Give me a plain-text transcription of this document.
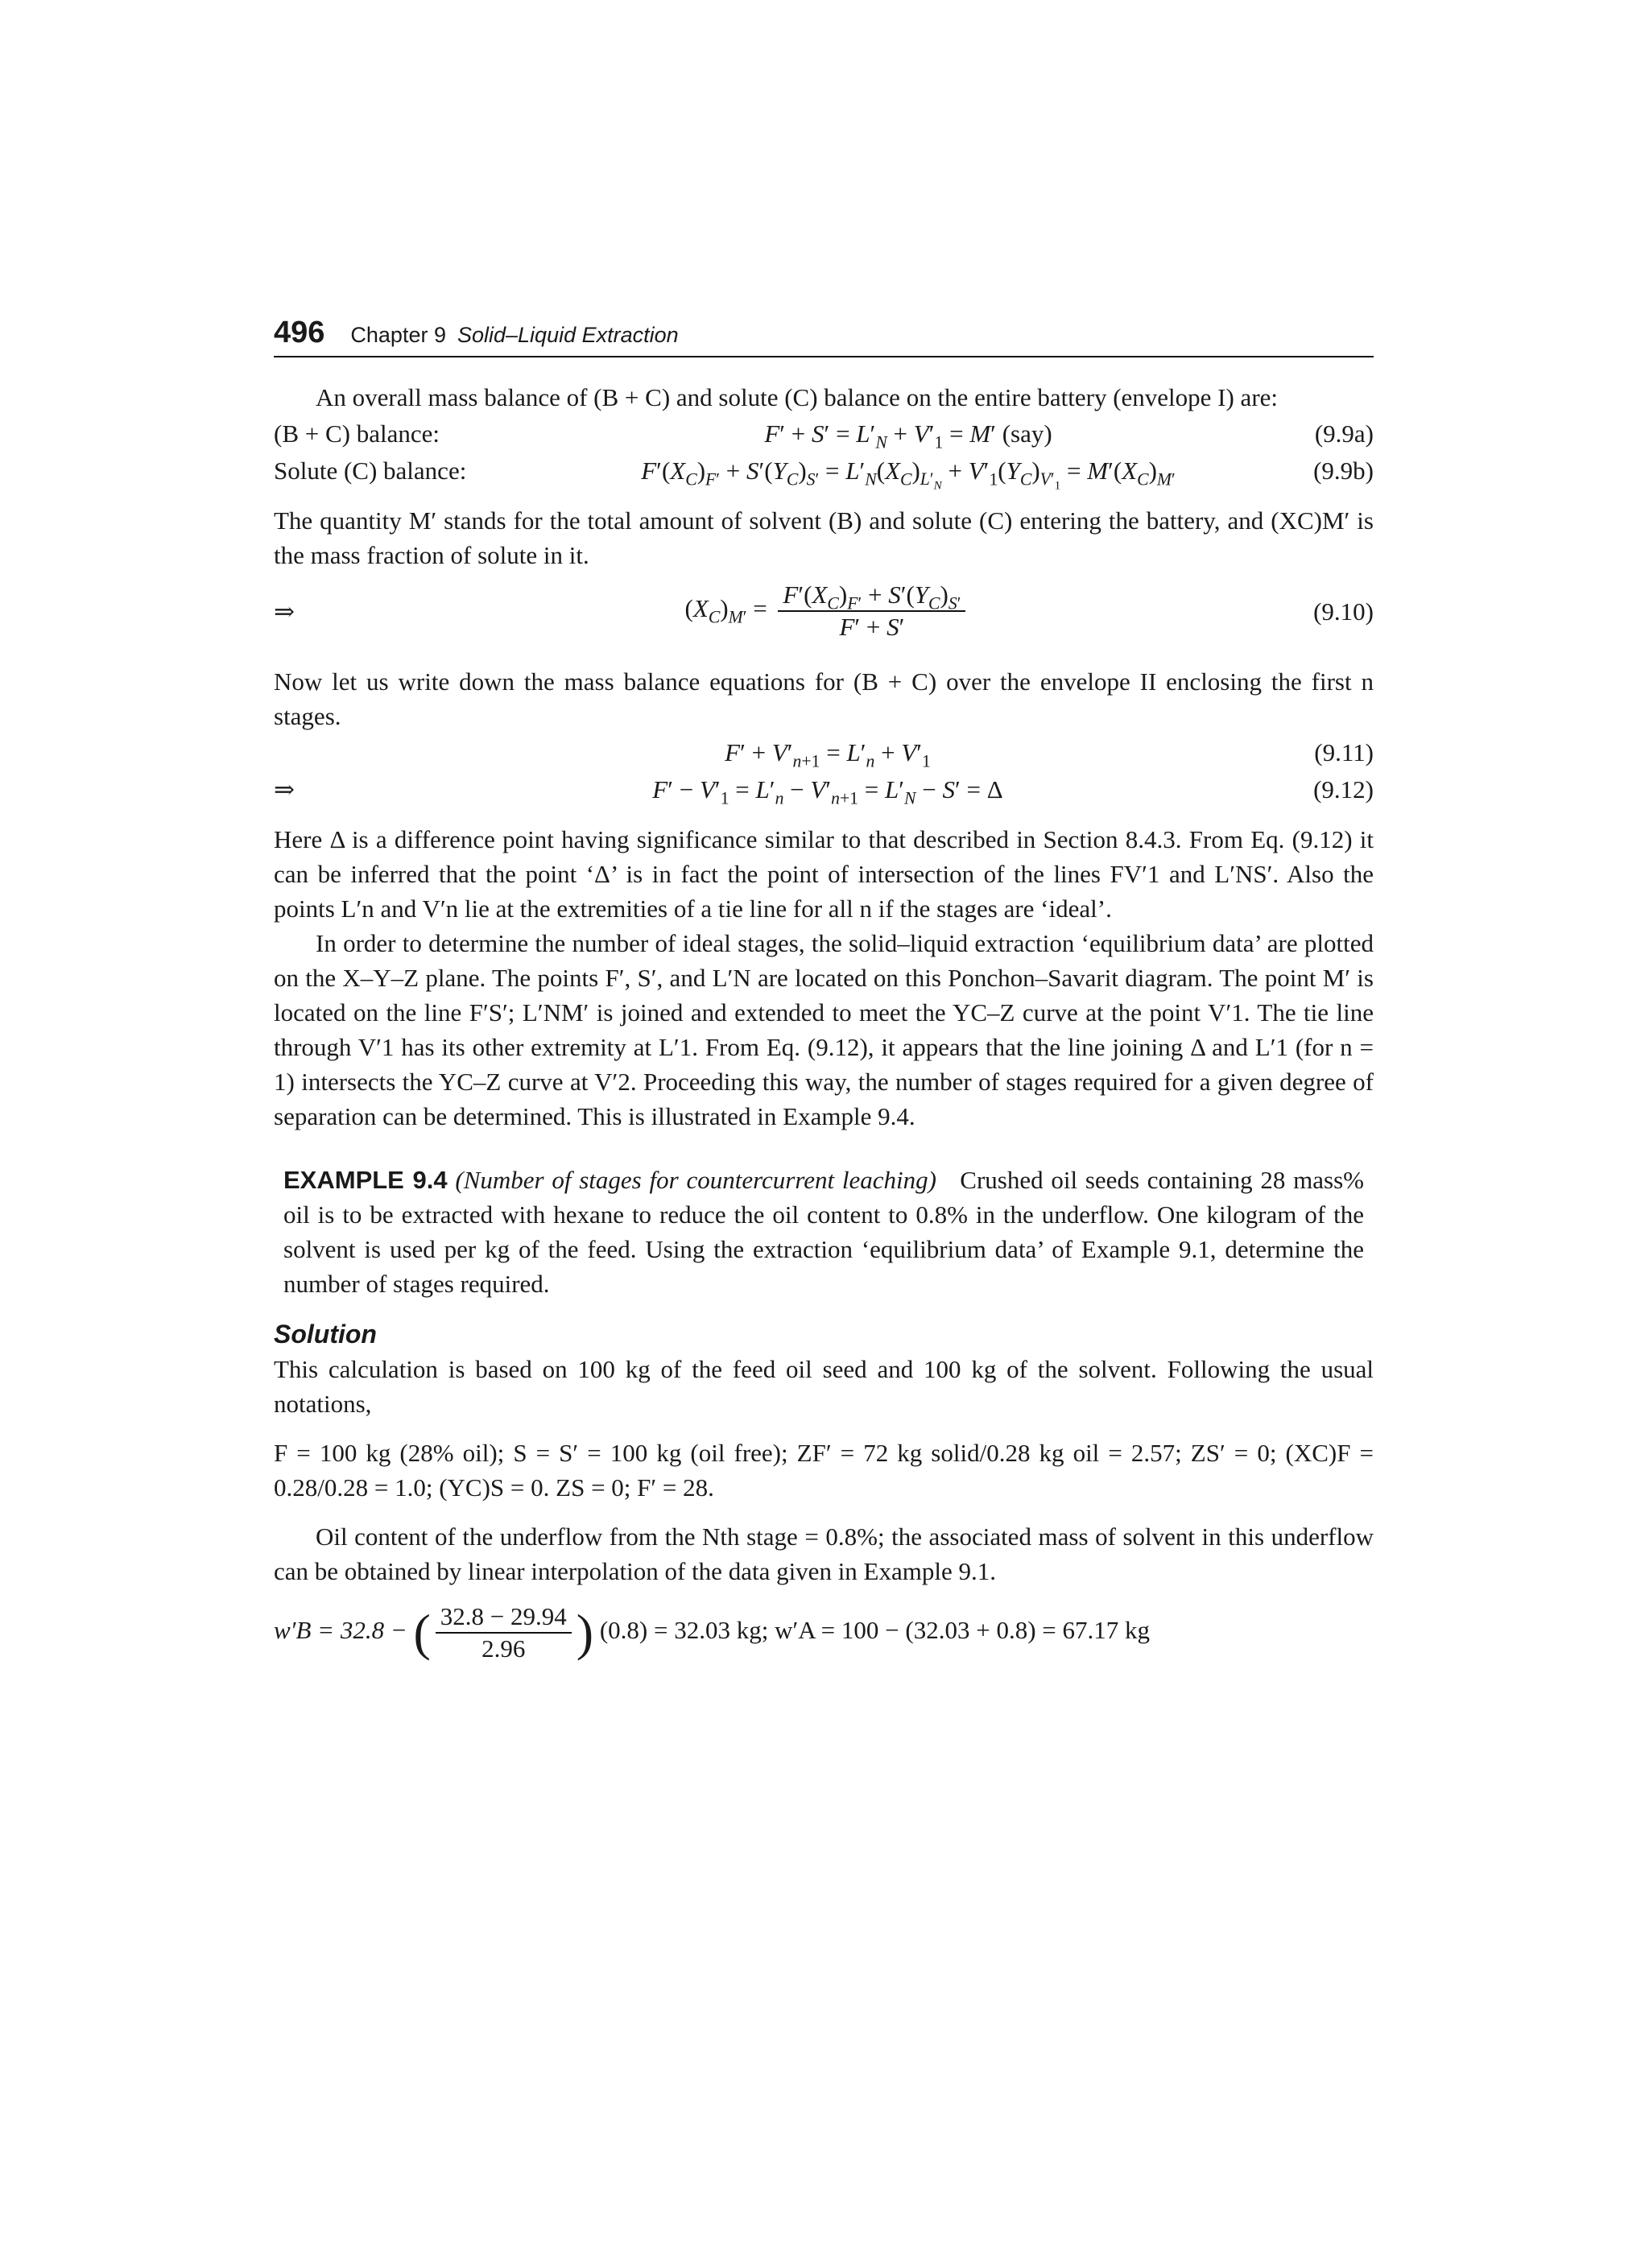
496 Chapter 9 Solid–Liquid Extraction

An overall mass balance of (B + C) and solute (C) balance on the entire battery (envelope I) are:

(B + C) balance:	$F' + S' = L'_N + V'_1 = M'$ (say)	(9.9a)
Solute (C) balance:	$F'(X_C)_{F'} + S'(Y_C)_{S'} = L'_N(X_C)_{L'_N} + V'_1(Y_C)_{V'_1} = M'(X_C)_{M'}$	(9.9b)

The quantity M′ stands for the total amount of solvent (B) and solute (C) entering the battery, and (XC)M′ is the mass fraction of solute in it.

⇒	$(X_C)_{M'} = \frac{F'(X_C)_{F'} + S'(Y_C)_{S'}}{F' + S'}$	(9.10)

Now let us write down the mass balance equations for (B + C) over the envelope II enclosing the first n stages.

$F' + V'_{n+1} = L'_n + V'_1$	(9.11)
⇒	$F' - V'_1 = L'_n - V'_{n+1} = L'_N - S' = \Delta$	(9.12)

Here Δ is a difference point having significance similar to that described in Section 8.4.3. From Eq. (9.12) it can be inferred that the point ‘Δ’ is in fact the point of intersection of the lines FV′1 and L′NS′. Also the points L′n and V′n lie at the extremities of a tie line for all n if the stages are ‘ideal’.

In order to determine the number of ideal stages, the solid–liquid extraction ‘equilibrium data’ are plotted on the X–Y–Z plane. The points F′, S′, and L′N are located on this Ponchon–Savarit diagram. The point M′ is located on the line F′S′; L′NM′ is joined and extended to meet the YC–Z curve at the point V′1. The tie line through V′1 has its other extremity at L′1. From Eq. (9.12), it appears that the line joining Δ and L′1 (for n = 1) intersects the YC–Z curve at V′2. Proceeding this way, the number of stages required for a given degree of separation can be determined. This is illustrated in Example 9.4.

EXAMPLE 9.4 (Number of stages for countercurrent leaching) Crushed oil seeds containing 28 mass% oil is to be extracted with hexane to reduce the oil content to 0.8% in the underflow. One kilogram of the solvent is used per kg of the feed. Using the extraction ‘equilibrium data’ of Example 9.1, determine the number of stages required.

Solution

This calculation is based on 100 kg of the feed oil seed and 100 kg of the solvent. Following the usual notations,

F = 100 kg (28% oil); S = S′ = 100 kg (oil free); ZF′ = 72 kg solid/0.28 kg oil = 2.57; ZS′ = 0; (XC)F = 0.28/0.28 = 1.0; (YC)S = 0. ZS = 0; F′ = 28.

Oil content of the underflow from the Nth stage = 0.8%; the associated mass of solvent in this underflow can be obtained by linear interpolation of the data given in Example 9.1.

w′B = 32.8 − ( $\frac{32.8 - 29.94}{2.96}$ ) (0.8) = 32.03 kg; w′A = 100 − (32.03 + 0.8) = 67.17 kg
